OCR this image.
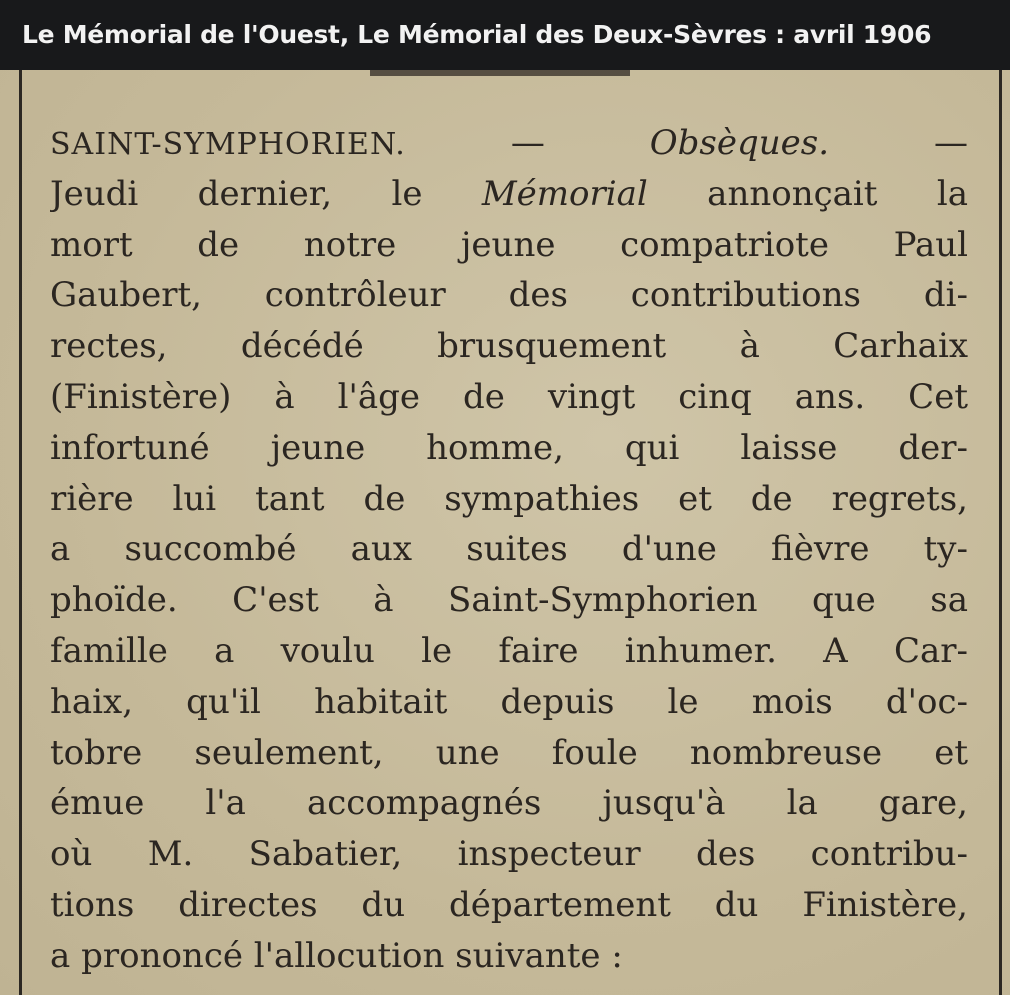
Le Mémorial de l'Ouest, Le Mémorial des Deux-Sèvres : avril 1906
SAINT-SYMPHORIEN.	—	Obsèques.	—
Jeudi dernier, le Mémorial annonçait la
mort de notre jeune compatriote Paul
Gaubert, contrôleur des contributions di-
rectes, décédé brusquement à Carhaix
(Finistère) à l'âge de vingt cinq ans. Cet
infortuné jeune homme, qui laisse der-
rière lui tant de sympathies et de regrets,
a succombé aux suites d'une fièvre ty-
phoïde. C'est à Saint-Symphorien que sa
famille a voulu le faire inhumer. A Car-
haix, qu'il habitait depuis le mois d'oc-
tobre seulement, une foule nombreuse et
émue l'a accompagnés jusqu'à la gare,
où M. Sabatier, inspecteur des contribu-
tions directes du département du Finistère,
a prononcé l'allocution suivante :
